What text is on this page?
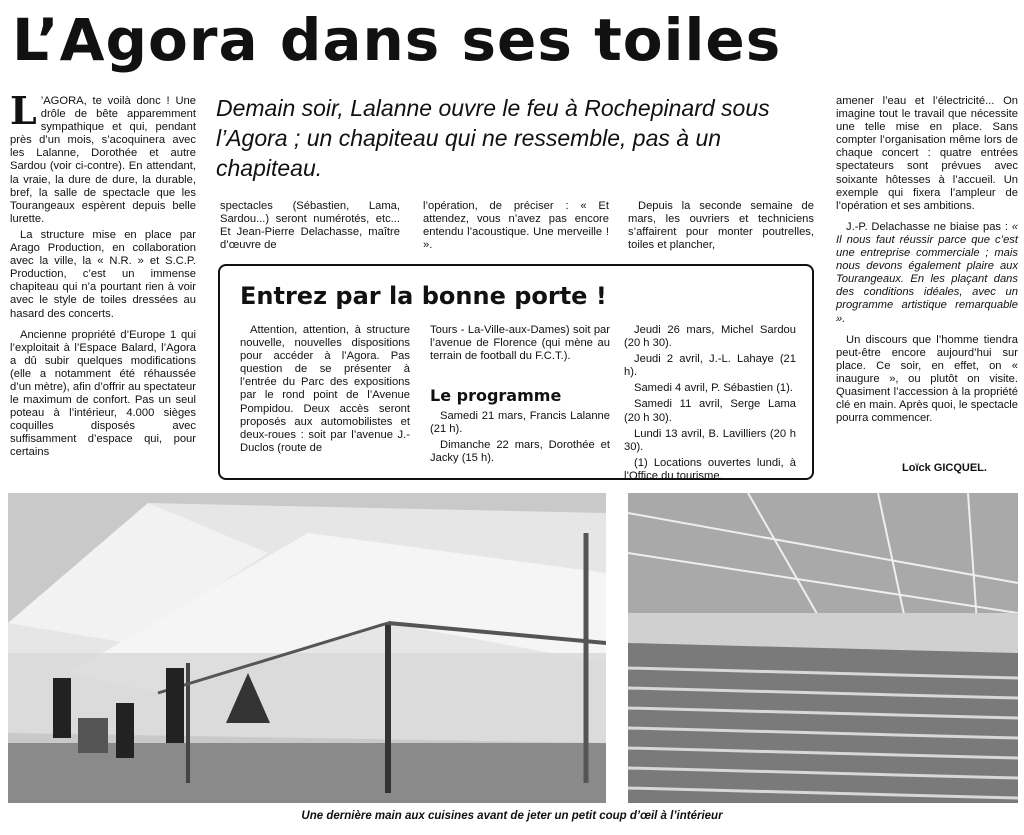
L’Agora dans ses toiles

L ’AGORA, te voilà donc ! Une drôle de bête apparemment sympathique et qui, pendant près d’un mois, s’acoquinera avec les Lalanne, Dorothée et autre Sardou (voir ci-contre). En attendant, la vraie, la dure de dure, la durable, bref, la salle de spectacle que les Tourangeaux espèrent depuis belle lurette.

La structure mise en place par Arago Production, en collaboration avec la ville, la « N.R. » et S.C.P. Production, c’est un immense chapiteau qui n’a pourtant rien à voir avec le style de toiles dressées au hasard des concerts.

Ancienne propriété d’Europe 1 qui l’exploitait à l’Espace Balard, l’Agora a dû subir quelques modifications (elle a notamment été réhaussée d’un mètre), afin d’offrir au spectateur le maximum de confort. Pas un seul poteau à l’intérieur, 4.000 sièges coquilles disposés avec suffisamment d’espace qui, pour certains

Demain soir, Lalanne ouvre le feu à Rochepinard sous l’Agora ; un chapiteau qui ne ressemble, pas à un chapiteau.

spectacles (Sébastien, Lama, Sardou...) seront numérotés, etc... Et Jean-Pierre Delachasse, maître d’œuvre de

l’opération, de préciser : « Et attendez, vous n’avez pas encore entendu l’acoustique. Une merveille ! ».

Depuis la seconde semaine de mars, les ouvriers et techniciens s’affairent pour monter poutrelles, toiles et plancher,

amener l’eau et l’électricité... On imagine tout le travail que nécessite une telle mise en place. Sans compter l’organisation même lors de chaque concert : quatre entrées spectateurs sont prévues avec soixante hôtesses à l’accueil. Un exemple qui fixera l’ampleur de l’opération et ses ambitions.

J.-P. Delachasse ne biaise pas : « Il nous faut réussir parce que c’est une entreprise commerciale ; mais nous devons également plaire aux Tourangeaux. En les plaçant dans des conditions idéales, avec un programme artistique remarquable ».

Un discours que l’homme tiendra peut-être encore aujourd’hui sur place. Ce soir, en effet, on « inaugure », ou plutôt on visite. Quasiment l’accession à la propriété clé en main. Après quoi, le spectacle pourra commencer.

Loïck GICQUEL.
Entrez par la bonne porte !

Attention, attention, à structure nouvelle, nouvelles dispositions pour accéder à l’Agora. Pas question de se présenter à l’entrée du Parc des expositions par le rond point de l’Avenue Pompidou. Deux accès seront proposés aux automobilistes et deux-roues : soit par l’avenue J.-Duclos (route de

Tours - La-Ville-aux-Dames) soit par l’avenue de Florence (qui mène au terrain de football du F.C.T.).

Le programme

Samedi 21 mars, Francis Lalanne (21 h).

Dimanche 22 mars, Dorothée et Jacky (15 h).

Jeudi 26 mars, Michel Sardou (20 h 30).

Jeudi 2 avril, J.-L. Lahaye (21 h).

Samedi 4 avril, P. Sébastien (1).

Samedi 11 avril, Serge Lama (20 h 30).

Lundi 13 avril, B. Lavilliers (20 h 30).

(1) Locations ouvertes lundi, à l’Office du tourisme.

Une dernière main aux cuisines avant de jeter un petit coup d’œil à l’intérieur
